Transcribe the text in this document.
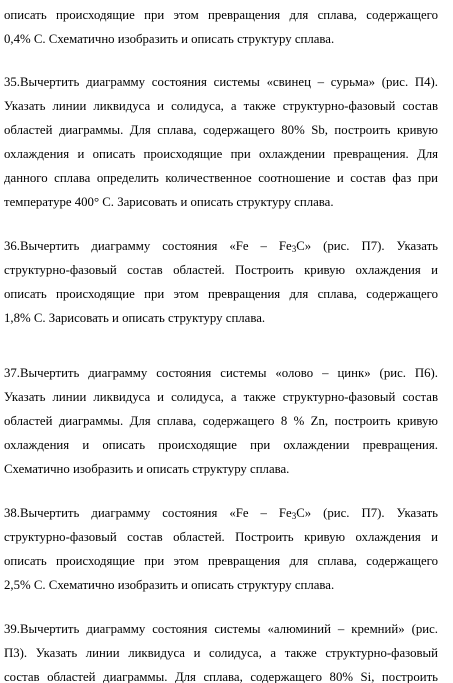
описать происходящие при этом превращения для сплава, содержащего
0,4% С. Схематично изобразить и описать структуру сплава.
35.Вычертить диаграмму состояния системы «свинец – сурьма» (рис. П4).
Указать линии ликвидуса и солидуса, а также структурно-фазовый состав
областей диаграммы. Для сплава, содержащего 80% Sb, построить кривую
охлаждения и описать происходящие при охлаждении превращения. Для
данного сплава определить количественное соотношение и состав фаз при
температуре 400° С. Зарисовать и описать структуру сплава.
36.Вычертить диаграмму состояния «Fe – $Fe_3C$» (рис. П7). Указать
структурно-фазовый состав областей. Построить кривую охлаждения и
описать происходящие при этом превращения для сплава, содержащего
1,8% С. Зарисовать и описать структуру сплава.
37.Вычертить диаграмму состояния системы «олово – цинк» (рис. П6).
Указать линии ликвидуса и солидуса, а также структурно-фазовый состав
областей диаграммы. Для сплава, содержащего 8 % Zn, построить кривую
охлаждения и описать происходящие при охлаждении превращения.
Схематично изобразить и описать структуру сплава.
38.Вычертить диаграмму состояния «Fe – $Fe_3C$» (рис. П7). Указать
структурно-фазовый состав областей. Построить кривую охлаждения и
описать происходящие при этом превращения для сплава, содержащего
2,5% С. Схематично изобразить и описать структуру сплава.
39.Вычертить диаграмму состояния системы «алюминий – кремний» (рис.
П3). Указать линии ликвидуса и солидуса, а также структурно-фазовый
состав областей диаграммы. Для сплава, содержащего 80% Si, построить
